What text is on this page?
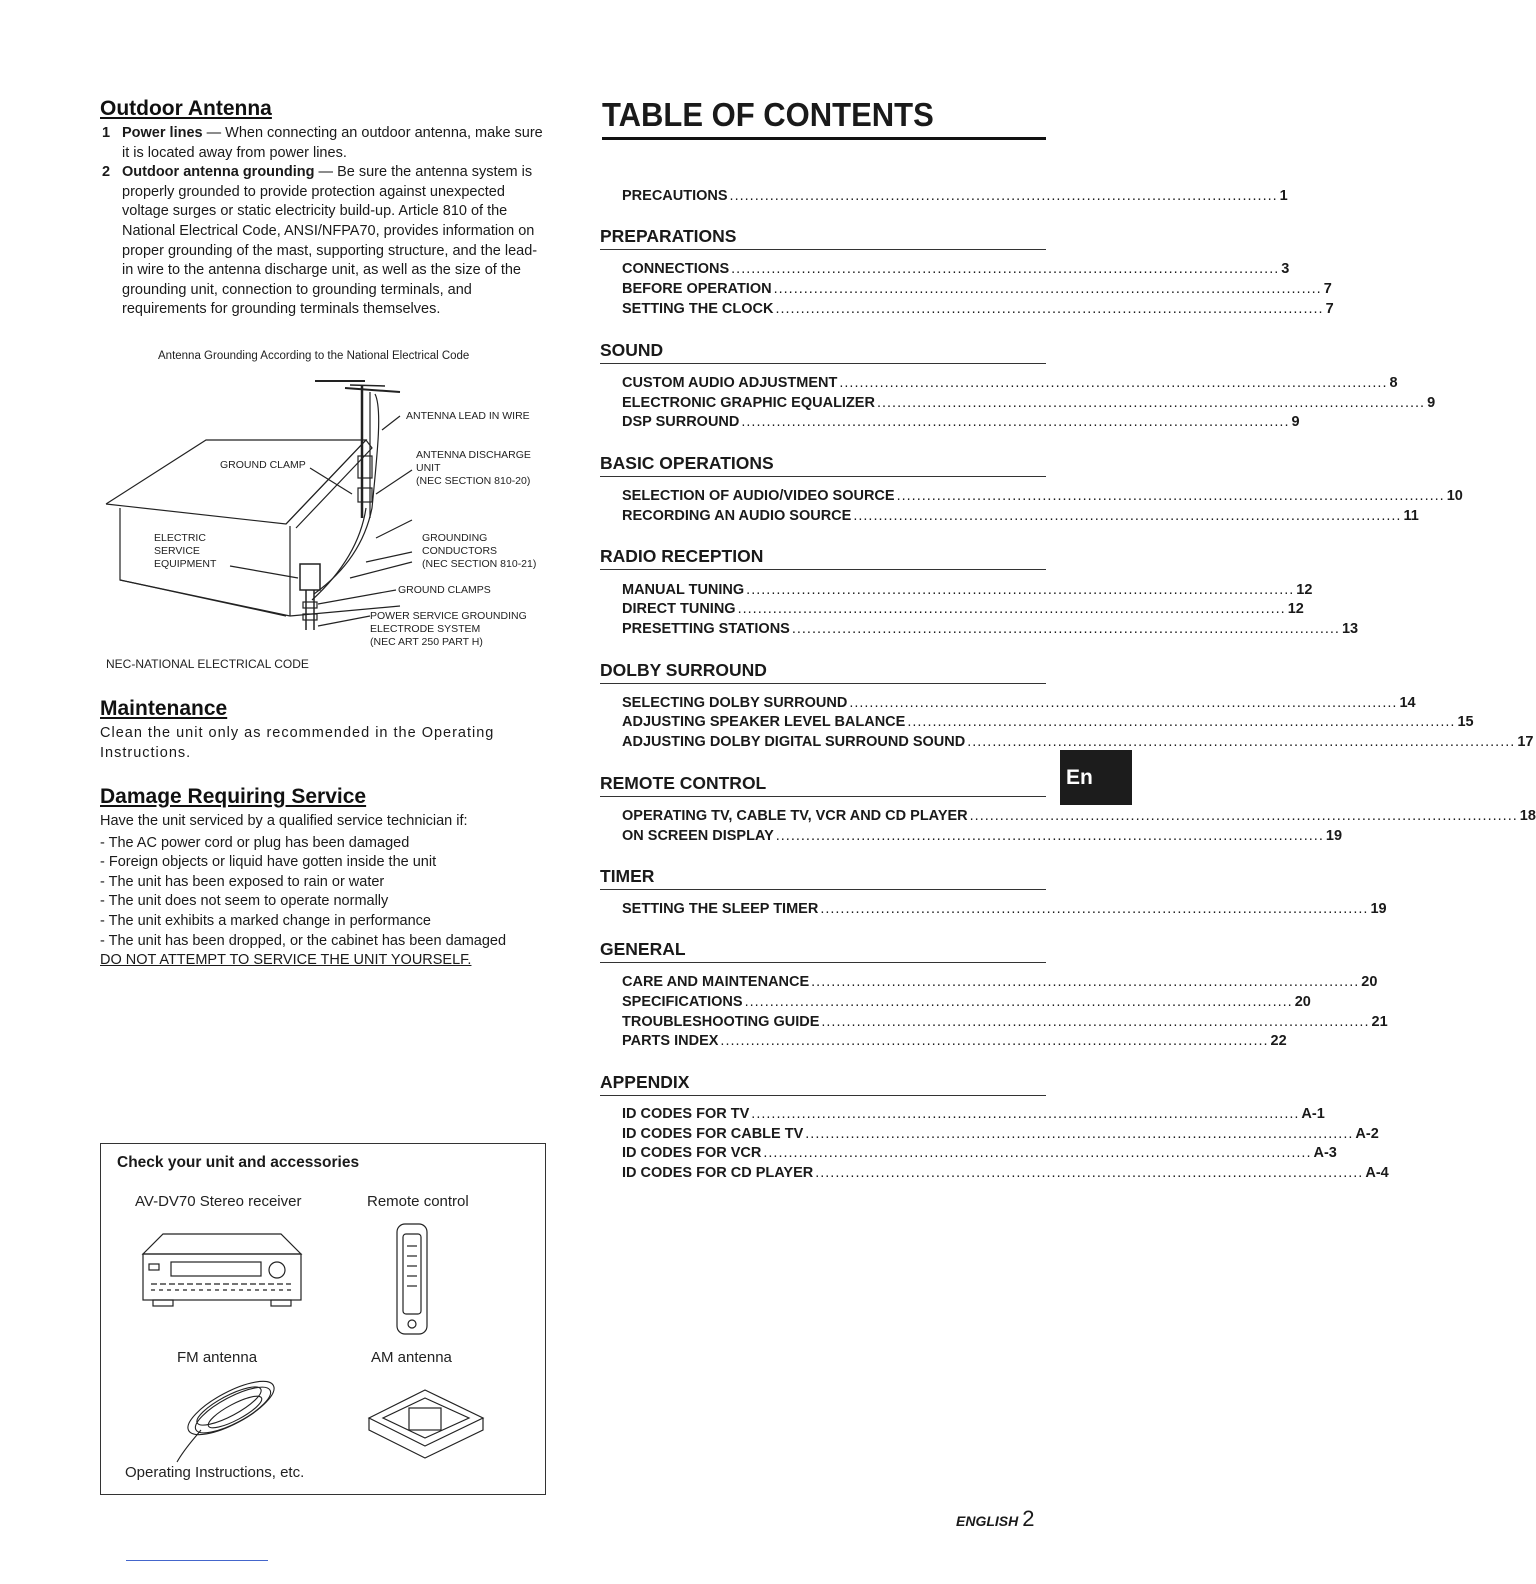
Outdoor Antenna
1 Power lines — When connecting an outdoor antenna, make sure it is located away from power lines.
2 Outdoor antenna grounding — Be sure the antenna system is properly grounded to provide protection against unexpected voltage surges or static electricity build-up. Article 810 of the National Electrical Code, ANSI/NFPA70, provides information on proper grounding of the mast, supporting structure, and the lead-in wire to the antenna discharge unit, as well as the size of the grounding unit, connection to grounding terminals, and requirements for grounding terminals themselves.
Antenna Grounding According to the National Electrical Code
ANTENNA LEAD IN WIRE
GROUND CLAMP
ANTENNA DISCHARGE
UNIT
(NEC SECTION 810-20)
ELECTRIC
SERVICE
EQUIPMENT
GROUNDING
CONDUCTORS
(NEC SECTION 810-21)
GROUND CLAMPS
POWER SERVICE GROUNDING
ELECTRODE SYSTEM
(NEC ART 250 PART H)
NEC-NATIONAL ELECTRICAL CODE
Maintenance

Clean the unit only as recommended in the Operating Instructions.

Damage Requiring Service

Have the unit serviced by a qualified service technician if:

- The AC power cord or plug has been damaged
- Foreign objects or liquid have gotten inside the unit
- The unit has been exposed to rain or water
- The unit does not seem to operate normally
- The unit exhibits a marked change in performance
- The unit has been dropped, or the cabinet has been damaged
DO NOT ATTEMPT TO SERVICE THE UNIT YOURSELF.
Check your unit and accessories
AV-DV70 Stereo receiver	Remote control
FM antenna	AM antenna
Operating Instructions, etc.
TABLE OF CONTENTS
PRECAUTIONS ............................................................................................................. 1
PREPARATIONS
CONNECTIONS ............................................................................................................. 3
BEFORE OPERATION ............................................................................................................. 7
SETTING THE CLOCK ............................................................................................................. 7
SOUND
CUSTOM AUDIO ADJUSTMENT ............................................................................................................. 8
ELECTRONIC GRAPHIC EQUALIZER ............................................................................................................. 9
DSP SURROUND ............................................................................................................. 9
BASIC OPERATIONS
SELECTION OF AUDIO/VIDEO SOURCE ............................................................................................................. 10
RECORDING AN AUDIO SOURCE ............................................................................................................. 11
RADIO RECEPTION
MANUAL TUNING ............................................................................................................. 12
DIRECT TUNING ............................................................................................................. 12
PRESETTING STATIONS ............................................................................................................. 13
DOLBY SURROUND
SELECTING DOLBY SURROUND ............................................................................................................. 14
ADJUSTING SPEAKER LEVEL BALANCE ............................................................................................................. 15
ADJUSTING DOLBY DIGITAL SURROUND SOUND ............................................................................................................. 17
REMOTE CONTROL
OPERATING TV, CABLE TV, VCR AND CD PLAYER ............................................................................................................. 18
ON SCREEN DISPLAY ............................................................................................................. 19
TIMER
SETTING THE SLEEP TIMER ............................................................................................................. 19
GENERAL
CARE AND MAINTENANCE ............................................................................................................. 20
SPECIFICATIONS ............................................................................................................. 20
TROUBLESHOOTING GUIDE ............................................................................................................. 21
PARTS INDEX ............................................................................................................. 22
APPENDIX
ID CODES FOR TV ............................................................................................................. A-1
ID CODES FOR CABLE TV ............................................................................................................. A-2
ID CODES FOR VCR ............................................................................................................. A-3
ID CODES FOR CD PLAYER ............................................................................................................. A-4
En
ENGLISH 2
